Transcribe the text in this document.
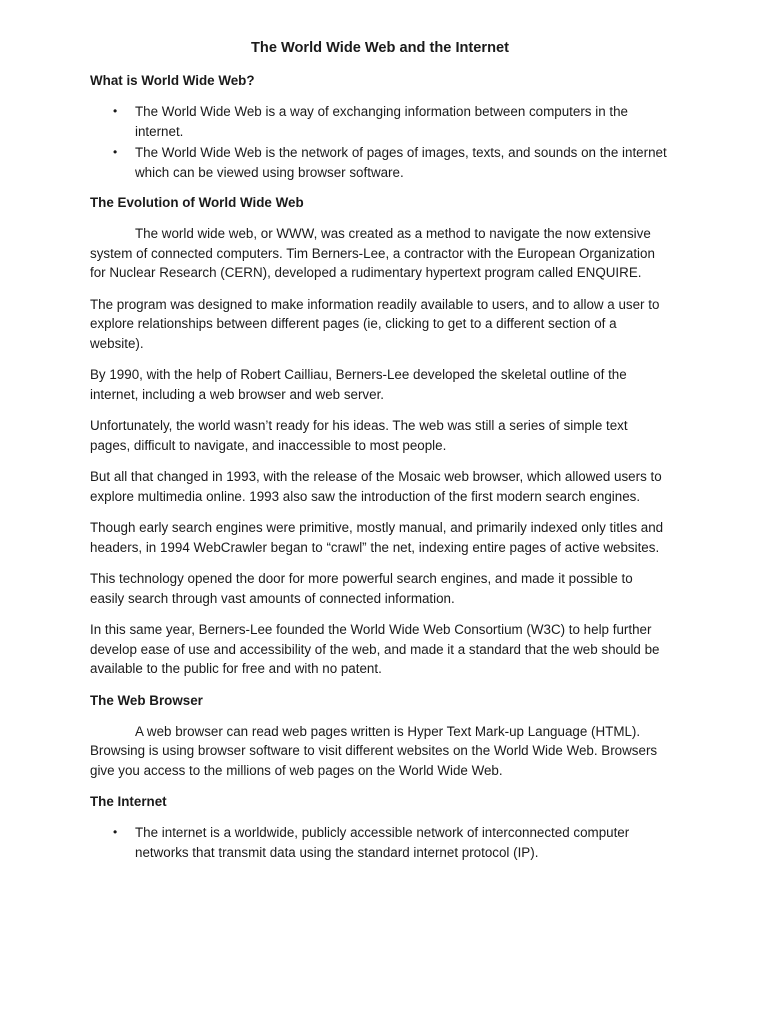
The World Wide Web and the Internet
What is World Wide Web?
• The World Wide Web is a way of exchanging information between computers in the internet.
• The World Wide Web is the network of pages of images, texts, and sounds on the internet which can be viewed using browser software.
The Evolution of World Wide Web

The world wide web, or WWW, was created as a method to navigate the now extensive system of connected computers. Tim Berners-Lee, a contractor with the European Organization for Nuclear Research (CERN), developed a rudimentary hypertext program called ENQUIRE.

The program was designed to make information readily available to users, and to allow a user to explore relationships between different pages (ie, clicking to get to a different section of a website).

By 1990, with the help of Robert Cailliau, Berners-Lee developed the skeletal outline of the internet, including a web browser and web server.

Unfortunately, the world wasn’t ready for his ideas. The web was still a series of simple text pages, difficult to navigate, and inaccessible to most people.

But all that changed in 1993, with the release of the Mosaic web browser, which allowed users to explore multimedia online. 1993 also saw the introduction of the first modern search engines.

Though early search engines were primitive, mostly manual, and primarily indexed only titles and headers, in 1994 WebCrawler began to “crawl” the net, indexing entire pages of active websites.

This technology opened the door for more powerful search engines, and made it possible to easily search through vast amounts of connected information.

In this same year, Berners-Lee founded the World Wide Web Consortium (W3C) to help further develop ease of use and accessibility of the web, and made it a standard that the web should be available to the public for free and with no patent.

The Web Browser

A web browser can read web pages written is Hyper Text Mark-up Language (HTML). Browsing is using browser software to visit different websites on the World Wide Web. Browsers give you access to the millions of web pages on the World Wide Web.

The Internet
• The internet is a worldwide, publicly accessible network of interconnected computer networks that transmit data using the standard internet protocol (IP).
